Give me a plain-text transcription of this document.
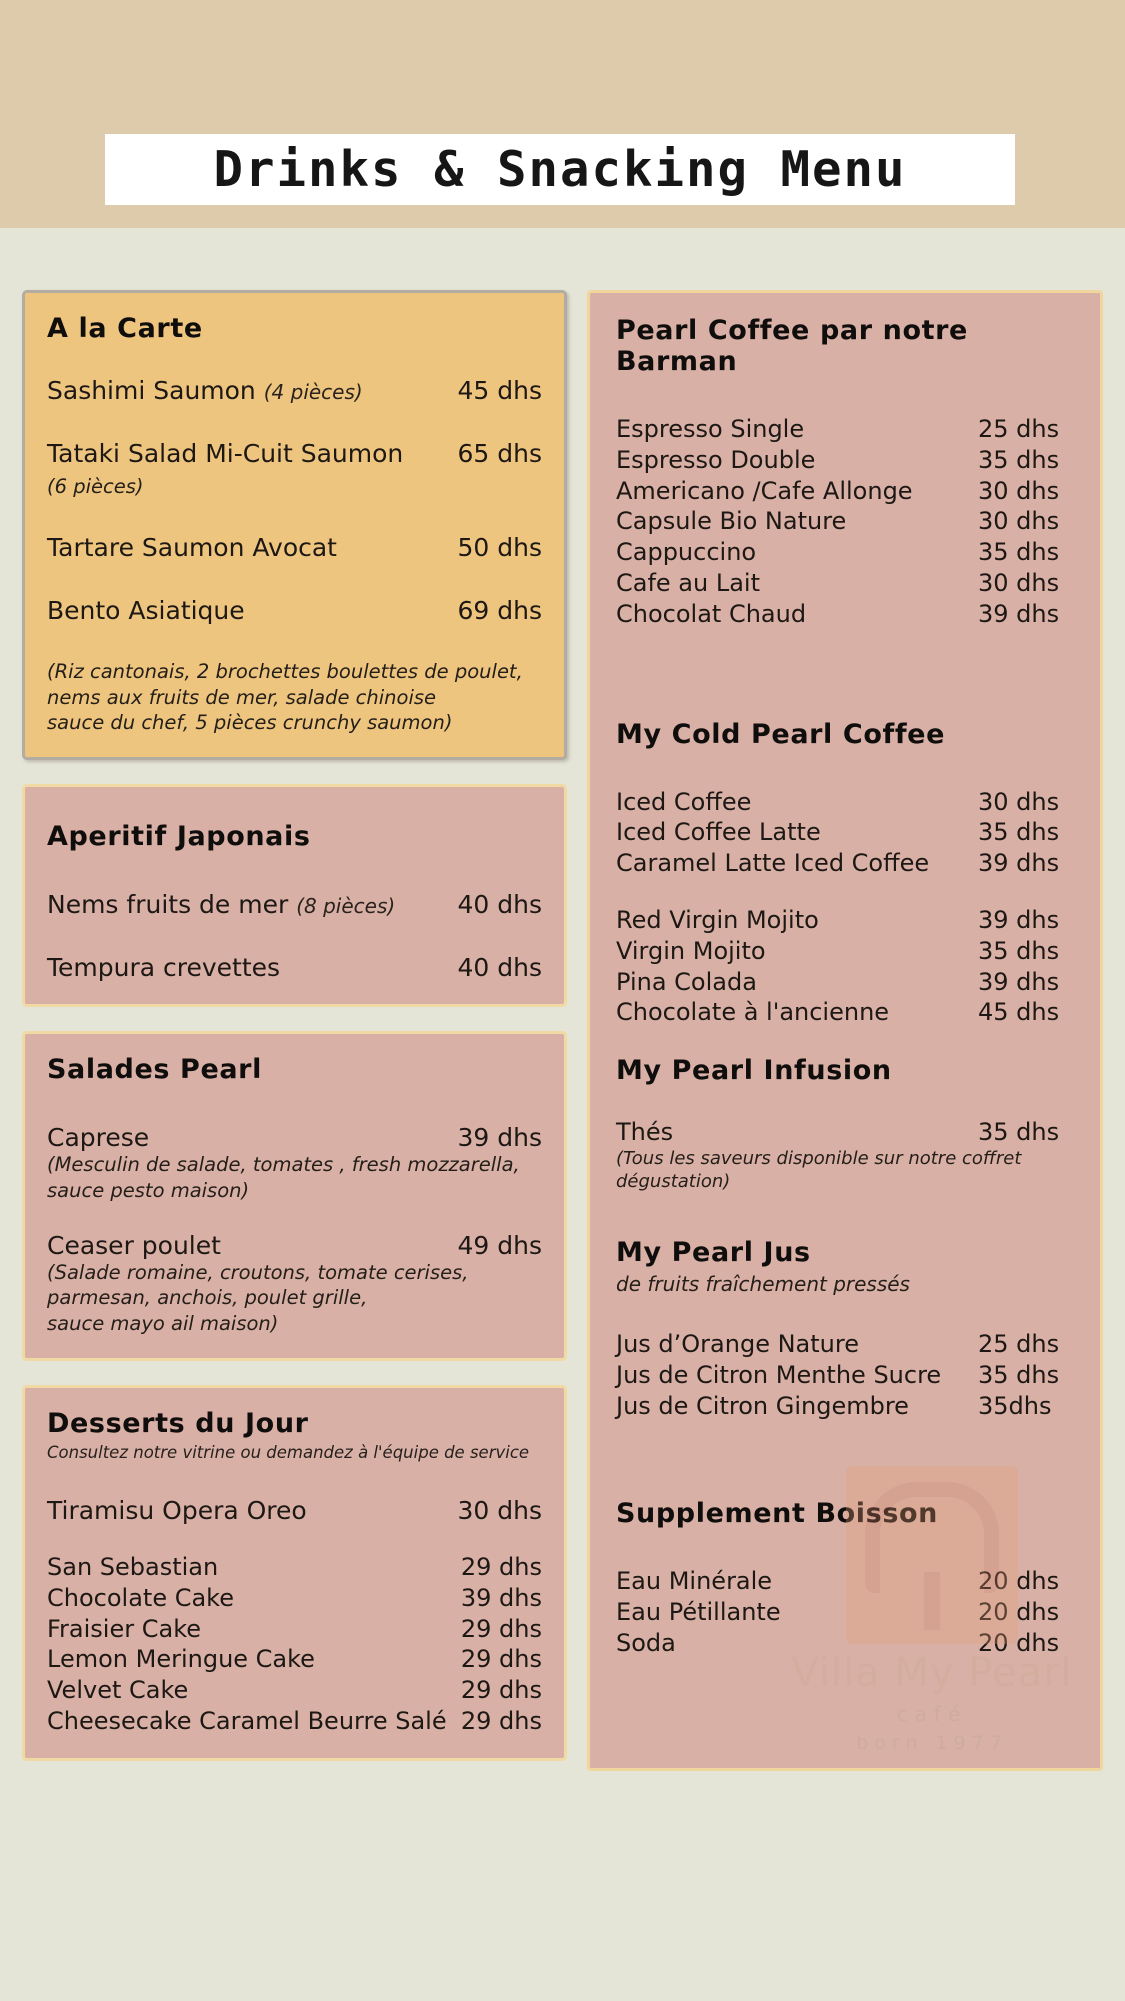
Drinks & Snacking Menu
A la Carte
Sashimi Saumon (4 pièces)	45 dhs
Tataki Salad Mi-Cuit Saumon 65 dhs
(6 pièces)
Tartare Saumon Avocat	50 dhs
Bento Asiatique	69 dhs
(Riz cantonais, 2 brochettes boulettes de poulet,
nems aux fruits de mer, salade chinoise
sauce du chef, 5 pièces crunchy saumon)
Aperitif Japonais
Nems fruits de mer (8 pièces) 40 dhs
Tempura crevettes	40 dhs
Salades Pearl
Caprese	39 dhs
(Mesculin de salade, tomates , fresh mozzarella,
sauce pesto maison)
Ceaser poulet	49 dhs
(Salade romaine, croutons, tomate cerises,
parmesan, anchois, poulet grille,
sauce mayo ail maison)
Desserts du Jour
Consultez notre vitrine ou demandez à l'équipe de service
Tiramisu Opera Oreo	30 dhs
San Sebastian	29 dhs
Chocolate Cake	39 dhs
Fraisier Cake	29 dhs
Lemon Meringue Cake	29 dhs
Velvet Cake	29 dhs
Cheesecake Caramel Beurre Salé 29 dhs
Villa My Pearl
café
born 1977
Pearl Coffee par notre Barman
Espresso Single	25 dhs
Espresso Double	35 dhs
Americano /Cafe Allonge	30 dhs
Capsule Bio Nature	30 dhs
Cappuccino	35 dhs
Cafe au Lait	30 dhs
Chocolat Chaud	39 dhs
My Cold Pearl Coffee
Iced Coffee	30 dhs
Iced Coffee Latte	35 dhs
Caramel Latte Iced Coffee 39 dhs
Red Virgin Mojito	39 dhs
Virgin Mojito	35 dhs
Pina Colada	39 dhs
Chocolate à l'ancienne	45 dhs
My Pearl Infusion
Thés	35 dhs
(Tous les saveurs disponible sur notre coffret dégustation)
My Pearl Jus
de fruits fraîchement pressés
Jus d’Orange Nature	25 dhs
Jus de Citron Menthe Sucre 35 dhs
Jus de Citron Gingembre	35dhs
Supplement Boisson
Eau Minérale	20 dhs
Eau Pétillante	20 dhs
Soda	20 dhs
